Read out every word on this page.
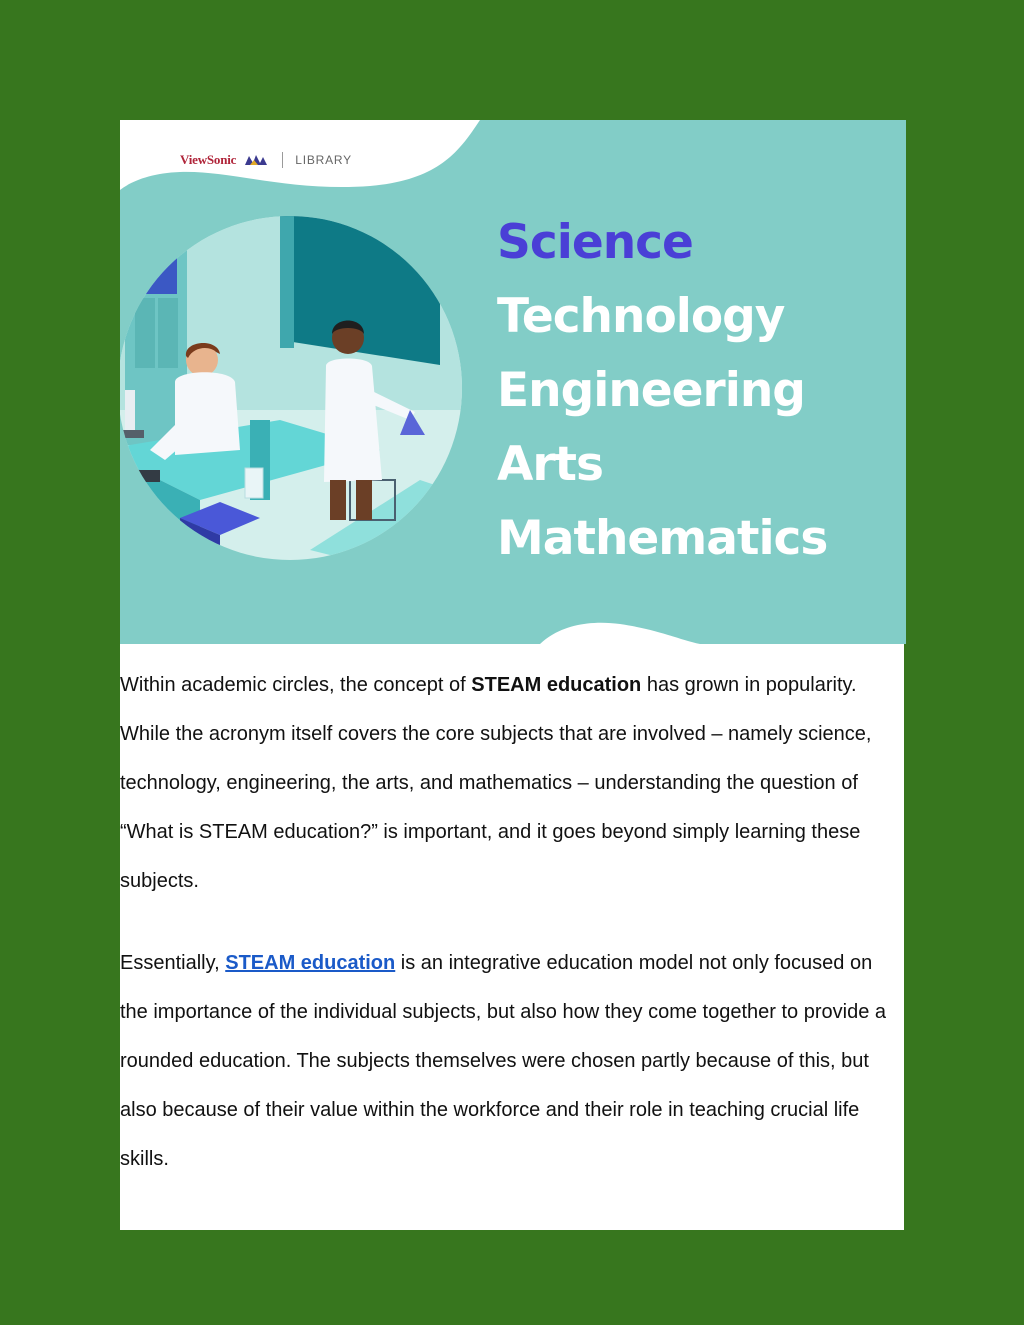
ViewSonic	LIBRARY
Science
Technology
Engineering
Arts
Mathematics

Within academic circles, the concept of STEAM education has grown in popularity. While the acronym itself covers the core subjects that are involved – namely science, technology, engineering, the arts, and mathematics – understanding the question of “What is STEAM education?” is important, and it goes beyond simply learning these subjects.

Essentially, STEAM education is an integrative education model not only focused on the importance of the individual subjects, but also how they come together to provide a rounded education. The subjects themselves were chosen partly because of this, but also because of their value within the workforce and their role in teaching crucial life skills.
